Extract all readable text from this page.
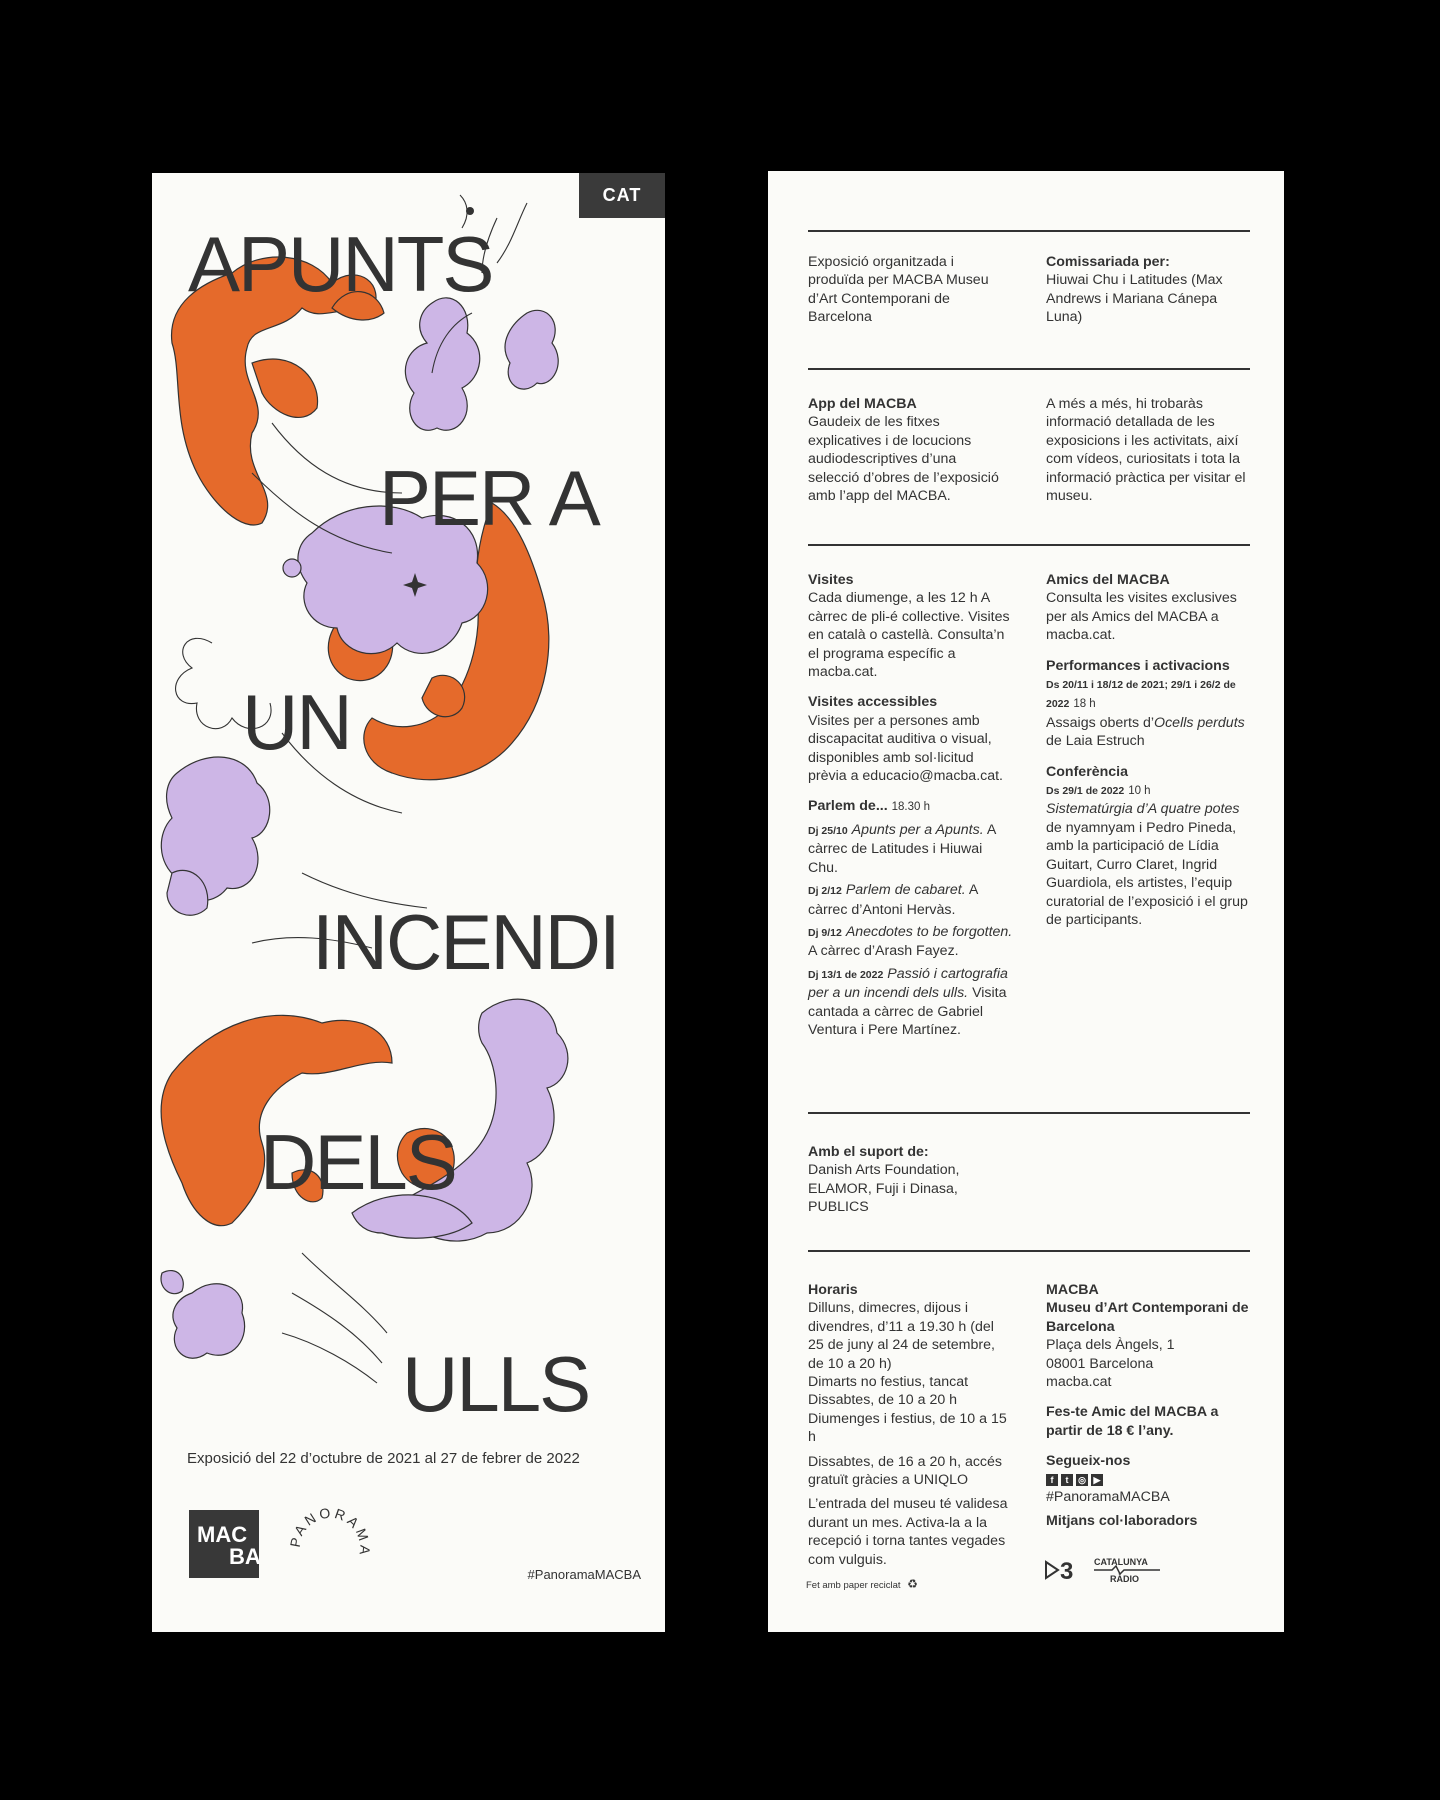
CAT
APUNTS
PER A
UN
INCENDI
DELS
ULLS
Exposició del 22 d’octubre de 2021 al 27 de febrer de 2022
MAC
BA
PANORAMA
#PanoramaMACBA
Exposició organitzada i produïda per MACBA Museu d’Art Contemporani de Barcelona
Comissariada per:
Hiuwai Chu i Latitudes (Max Andrews i Mariana Cánepa Luna)
App del MACBA
Gaudeix de les fitxes explicatives i de locucions audiodescriptives d’una selecció d’obres de l’exposició amb l’app del MACBA.
A més a més, hi trobaràs informació detallada de les exposicions i les activitats, així com vídeos, curiositats i tota la informació pràctica per visitar el museu.
Visites
Cada diumenge, a les 12 h A càrrec de pli-é collective. Visites en català o castellà. Consulta’n el programa específic a macba.cat.
Visites accessibles
Visites per a persones amb discapacitat auditiva o visual, disponibles amb sol·licitud prèvia a educacio@macba.cat.
Parlem de... 18.30 h
Dj 25/10 Apunts per a Apunts. A càrrec de Latitudes i Hiuwai Chu.
Dj 2/12 Parlem de cabaret. A càrrec d’Antoni Hervàs.
Dj 9/12 Anecdotes to be forgotten. A càrrec d’Arash Fayez.
Dj 13/1 de 2022 Passió i cartografia per a un incendi dels ulls. Visita cantada a càrrec de Gabriel Ventura i Pere Martínez.
Amics del MACBA
Consulta les visites exclusives per als Amics del MACBA a macba.cat.
Performances i activacions
Ds 20/11 i 18/12 de 2021; 29/1 i 26/2 de 2022 18 h
Assaigs oberts d’Ocells perduts de Laia Estruch
Conferència
Ds 29/1 de 2022 10 h
Sistematúrgia d’A quatre potes de nyamnyam i Pedro Pineda, amb la participació de Lídia Guitart, Curro Claret, Ingrid Guardiola, els artistes, l’equip curatorial de l’exposició i el grup de participants.
Amb el suport de:
Danish Arts Foundation, ELAMOR, Fuji i Dinasa, PUBLICS
Horaris
Dilluns, dimecres, dijous i divendres, d’11 a 19.30 h (del 25 de juny al 24 de setembre, de 10 a 20 h)
Dimarts no festius, tancat
Dissabtes, de 10 a 20 h
Diumenges i festius, de 10 a 15 h
Dissabtes, de 16 a 20 h, accés gratuït gràcies a UNIQLO
L’entrada del museu té validesa durant un mes. Activa-la a la recepció i torna tantes vegades com vulguis.
MACBA
Museu d’Art Contemporani de Barcelona
Plaça dels Àngels, 1
08001 Barcelona
macba.cat
Fes-te Amic del MACBA a partir de 18 € l’any.
Segueix-nos
f	t	◎ ▶
#PanoramaMACBA
Mitjans col·laboradors
3 CATALUNYA
RÀDIO
Fet amb paper reciclat ♻
